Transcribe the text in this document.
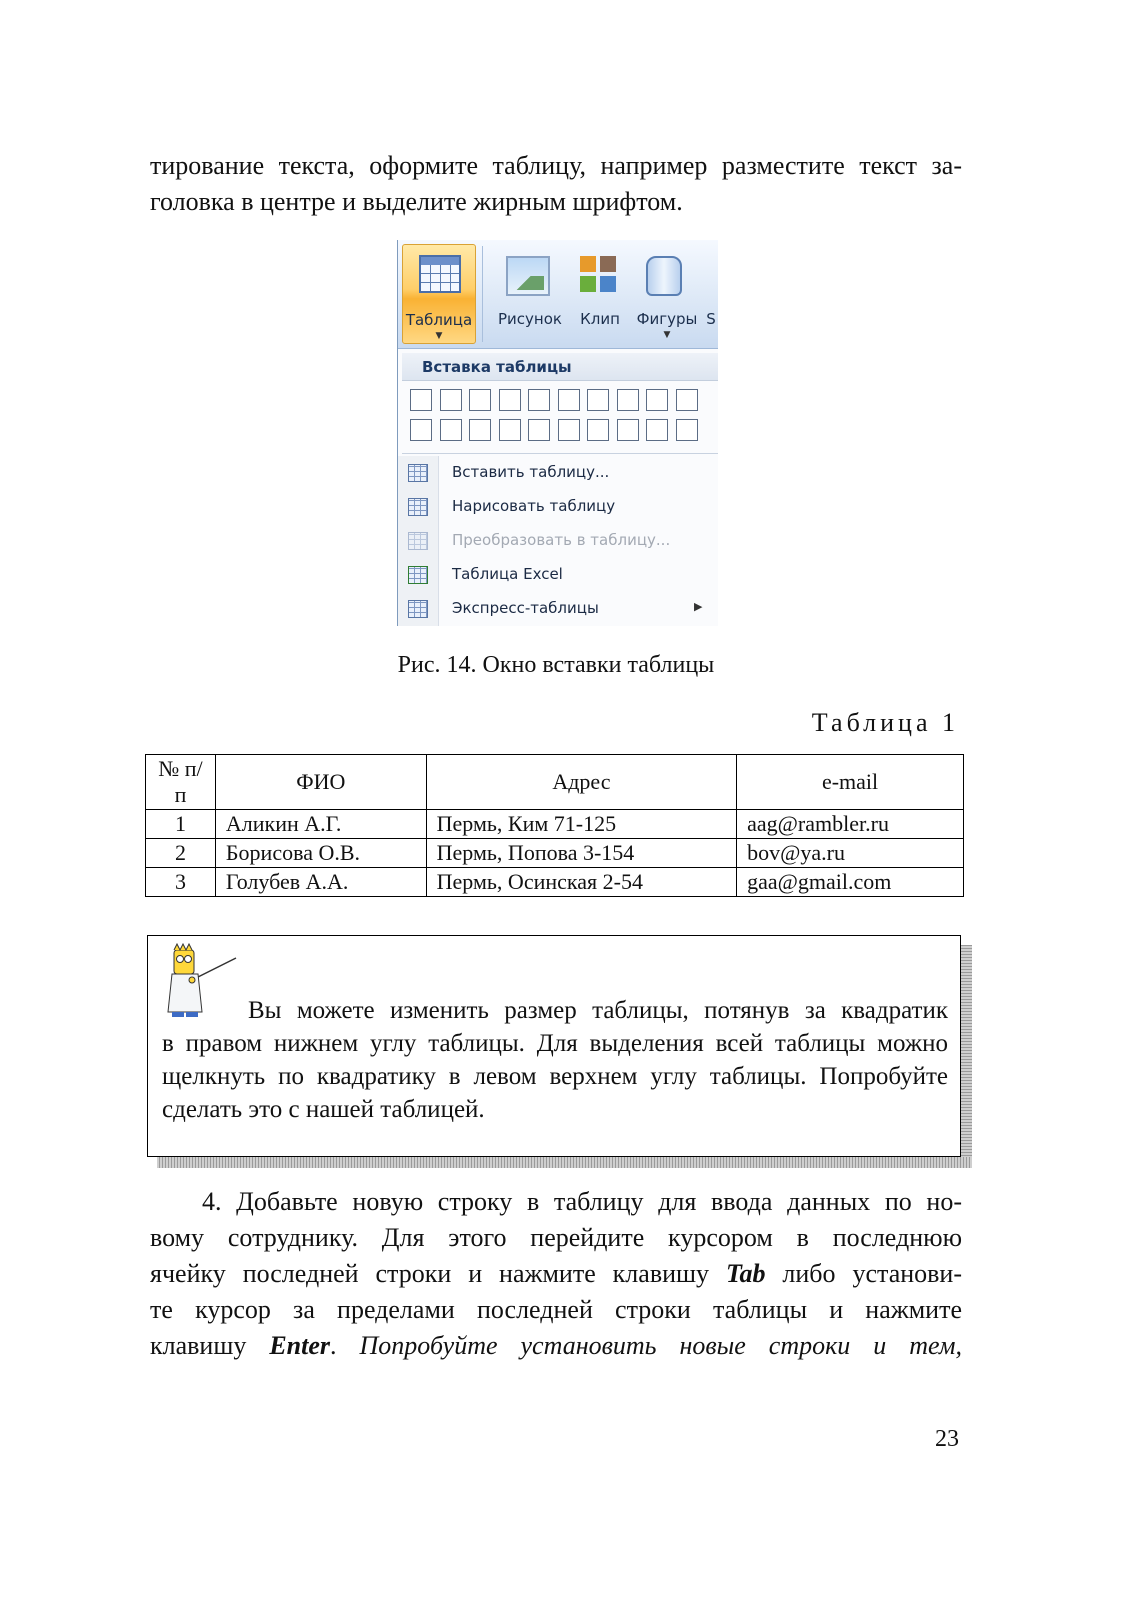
тирование текста, оформите таблицу, например разместите текст за-
головка в центре и выделите жирным шрифтом.
Таблица
▼
Рисунок	Клип	Фигуры
▼
S
Вставка таблицы
Вставить таблицу...
Нарисовать таблицу
Преобразовать в таблицу...
Таблица Excel
Экспресс-таблицы	▶
Рис. 14. Окно вставки таблицы
Таблица 1
№ п/п	ФИО	Адрес	e-mail
1	Аликин А.Г.	Пермь, Ким 71-125	aag@rambler.ru
2	Борисова О.В.	Пермь, Попова 3-154	bov@ya.ru
3	Голубев А.А.	Пермь, Осинская 2-54	gaa@gmail.com
Вы можете изменить размер таблицы, потянув за квадратик
в правом нижнем углу таблицы. Для выделения всей таблицы можно
щелкнуть по квадратику в левом верхнем углу таблицы. Попробуйте
сделать это с нашей таблицей.
4. Добавьте новую строку в таблицу для ввода данных по но-
вому сотруднику. Для этого перейдите курсором в последнюю
ячейку последней строки и нажмите клавишу Tab либо установи-
те курсор за пределами последней строки таблицы и нажмите
клавишу Enter. Попробуйте установить новые строки и тем,
23
